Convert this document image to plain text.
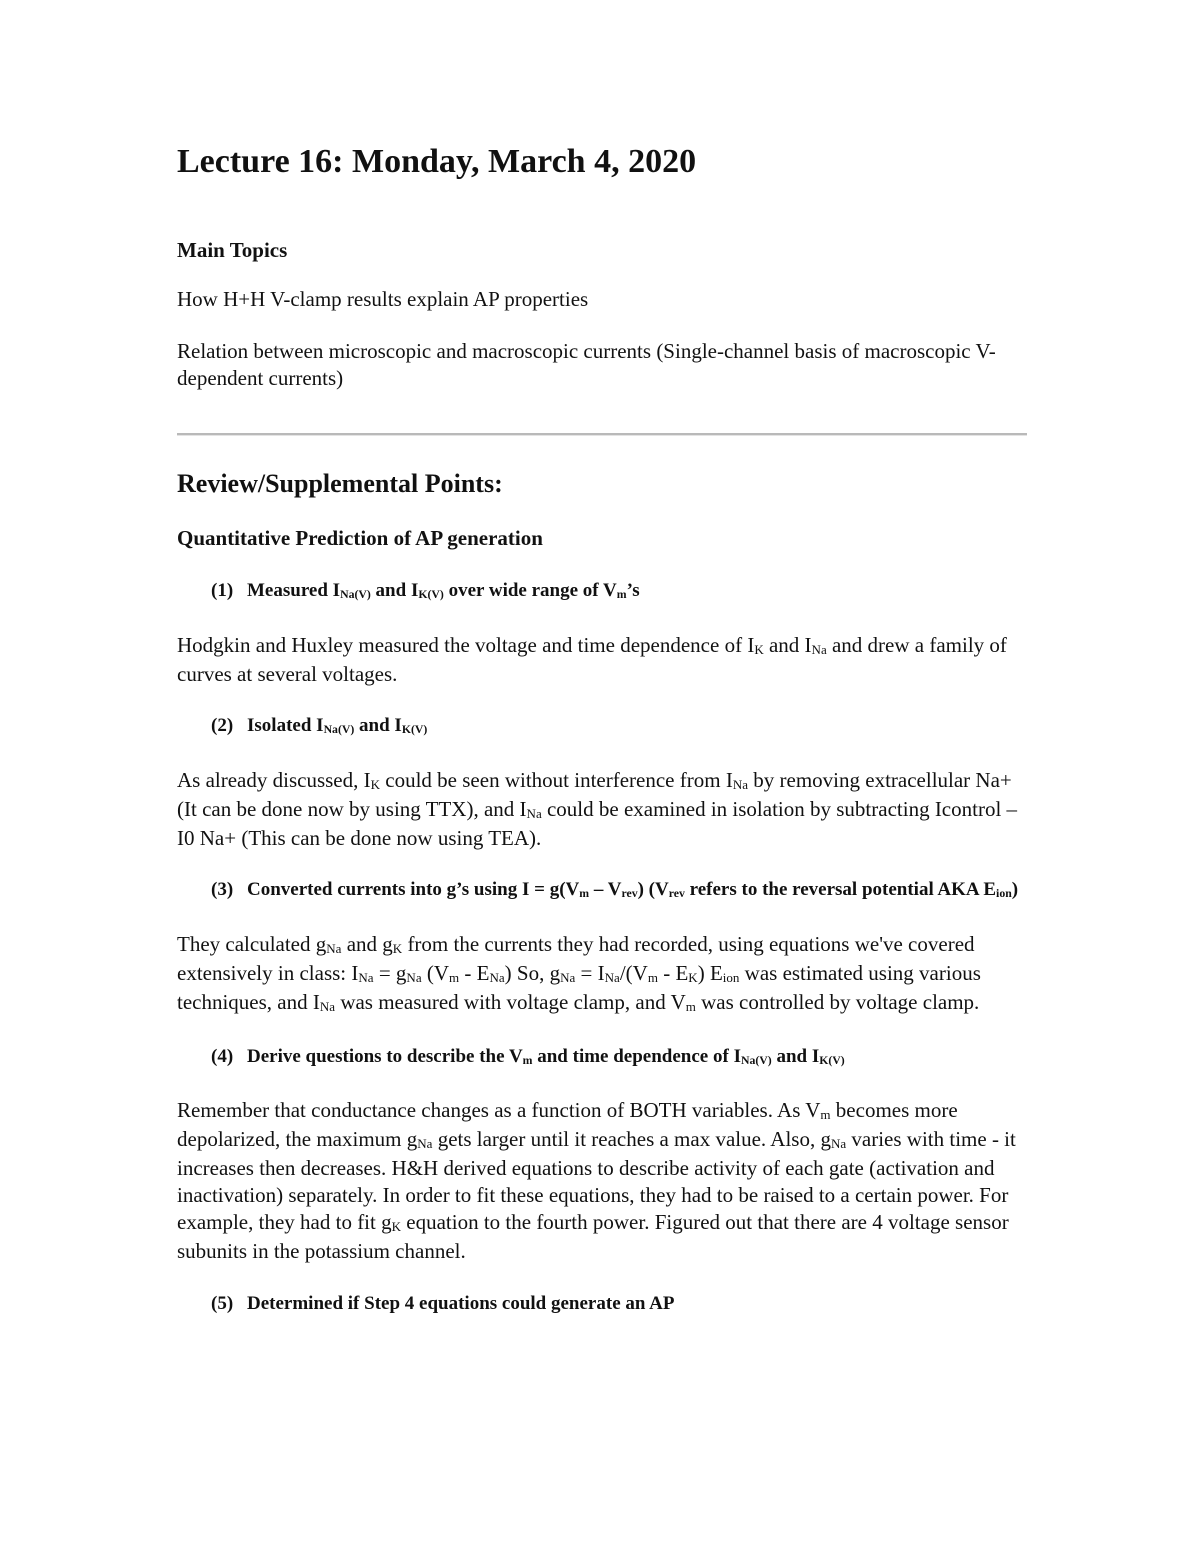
Lecture 16: Monday, March 4, 2020
Main Topics

How H+H V-clamp results explain AP properties

Relation between microscopic and macroscopic currents (Single-channel basis of macroscopic V-dependent currents)

Review/Supplemental Points:
Quantitative Prediction of AP generation
(1) Measured $I_{Na(V)}$ and $I_{K(V)}$ over wide range of $V_m’s$

Hodgkin and Huxley measured the voltage and time dependence of $I_K$ and $I_{Na}$ and drew a family of curves at several voltages.

(2) Isolated $I_{Na(V)}$ and $I_{K(V)}$

As already discussed, $I_K$ could be seen without interference from $I_{Na}$ by removing extracellular Na+ (It can be done now by using TTX), and $I_{Na}$ could be examined in isolation by subtracting Icontrol – I0 Na+ (This can be done now using TEA).

(3) Converted currents into g’s using $I = g(V_m - V_{rev})$ ($V_{rev}$ refers to the reversal potential AKA $E_{ion}$)

They calculated $g_{Na}$ and $g_K$ from the currents they had recorded, using equations we've covered extensively in class: $I_{Na} = g_{Na}$ $(V_m - E_{Na})$ So, $g_{Na} = I_{Na}/(V_m - E_K)$ $E_{ion}$ was estimated using various techniques, and $I_{Na}$ was measured with voltage clamp, and $V_m$ was controlled by voltage clamp.

(4) Derive questions to describe the $V_m$ and time dependence of $I_{Na(V)}$ and $I_{K(V)}$

Remember that conductance changes as a function of BOTH variables. As $V_m$ becomes more depolarized, the maximum $g_{Na}$ gets larger until it reaches a max value. Also, $g_{Na}$ varies with time - it increases then decreases. H&H derived equations to describe activity of each gate (activation and inactivation) separately. In order to fit these equations, they had to be raised to a certain power. For example, they had to fit $g_K$ equation to the fourth power. Figured out that there are 4 voltage sensor subunits in the potassium channel.

(5) Determined if Step 4 equations could generate an AP
